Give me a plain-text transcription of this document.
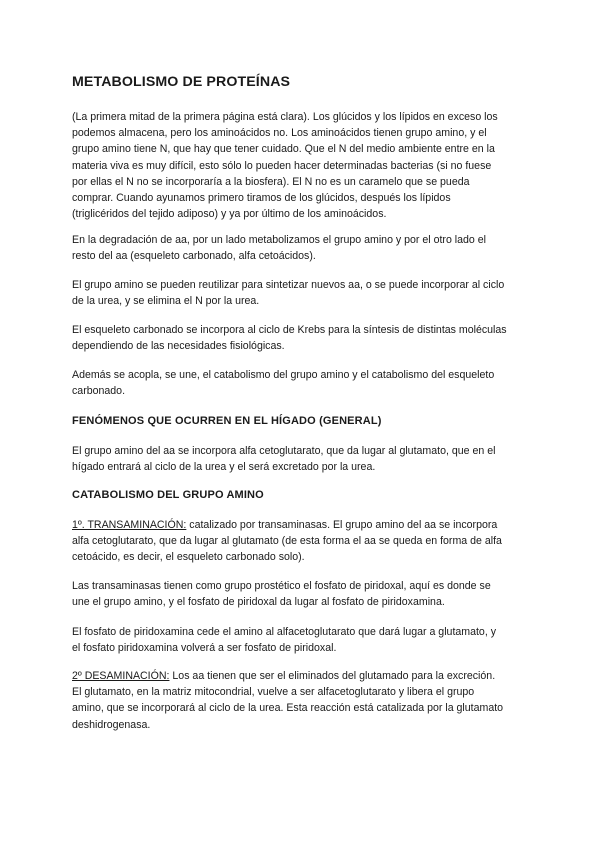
METABOLISMO DE PROTEÍNAS

(La primera mitad de la primera página está clara). Los glúcidos y los lípidos en exceso los
podemos almacena, pero los aminoácidos no. Los aminoácidos tienen grupo amino, y el
grupo amino tiene N, que hay que tener cuidado. Que el N del medio ambiente entre en la
materia viva es muy difícil, esto sólo lo pueden hacer determinadas bacterias (si no fuese
por ellas el N no se incorporaría a la biosfera). El N no es un caramelo que se pueda
comprar. Cuando ayunamos primero tiramos de los glúcidos, después los lípidos
(triglicéridos del tejido adiposo) y ya por último de los aminoácidos.

En la degradación de aa, por un lado metabolizamos el grupo amino y por el otro lado el
resto del aa (esqueleto carbonado, alfa cetoácidos).

El grupo amino se pueden reutilizar para sintetizar nuevos aa, o se puede incorporar al ciclo
de la urea, y se elimina el N por la urea.

El esqueleto carbonado se incorpora al ciclo de Krebs para la síntesis de distintas moléculas
dependiendo de las necesidades fisiológicas.

Además se acopla, se une, el catabolismo del grupo amino y el catabolismo del esqueleto
carbonado.

FENÓMENOS QUE OCURREN EN EL HÍGADO (GENERAL)

El grupo amino del aa se incorpora alfa cetoglutarato, que da lugar al glutamato, que en el
hígado entrará al ciclo de la urea y el será excretado por la urea.

CATABOLISMO DEL GRUPO AMINO

1º. TRANSAMINACIÓN: catalizado por transaminasas. El grupo amino del aa se incorpora
alfa cetoglutarato, que da lugar al glutamato (de esta forma el aa se queda en forma de alfa
cetoácido, es decir, el esqueleto carbonado solo).

Las transaminasas tienen como grupo prostético el fosfato de piridoxal, aquí es donde se
une el grupo amino, y el fosfato de piridoxal da lugar al fosfato de piridoxamina.

El fosfato de piridoxamina cede el amino al alfacetoglutarato que dará lugar a glutamato, y
el fosfato piridoxamina volverá a ser fosfato de piridoxal.

2º DESAMINACIÓN: Los aa tienen que ser el eliminados del glutamado para la excreción.
El glutamato, en la matriz mitocondrial, vuelve a ser alfacetoglutarato y libera el grupo
amino, que se incorporará al ciclo de la urea. Esta reacción está catalizada por la glutamato
deshidrogenasa.
